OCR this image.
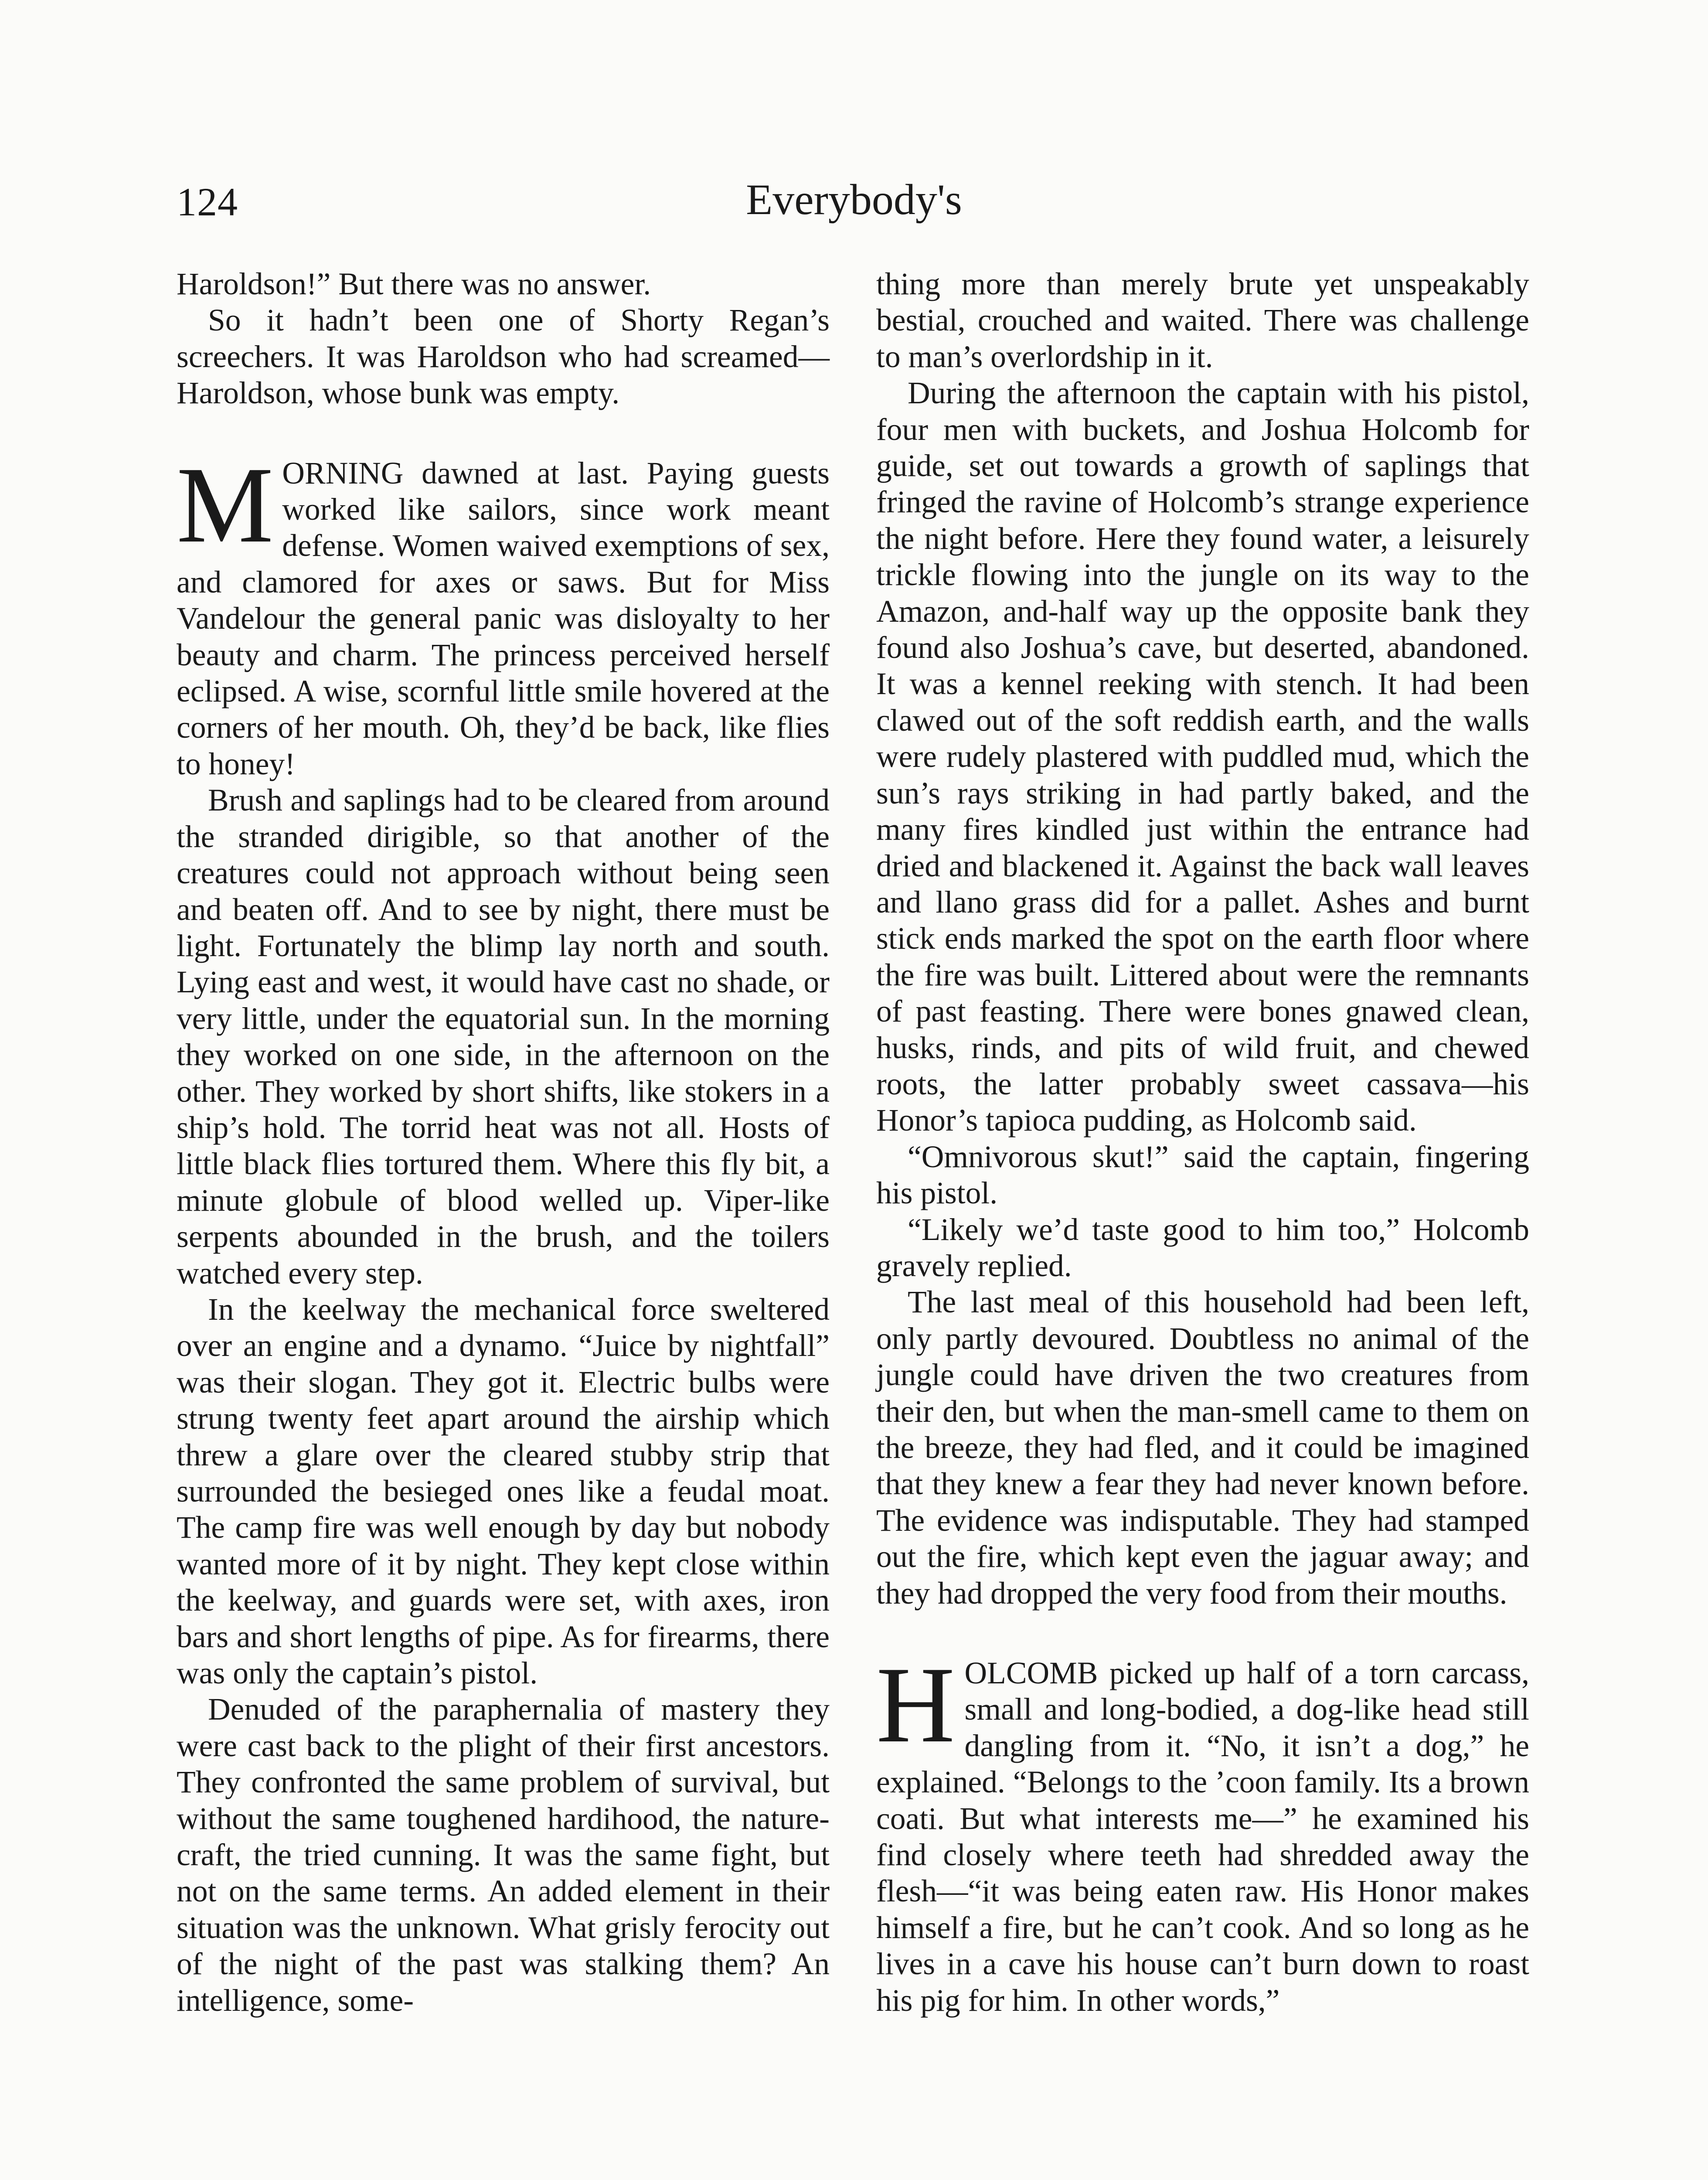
124	Everybody's

Haroldson!” But there was no answer.

So it hadn’t been one of Shorty Regan’s screechers. It was Haroldson who had screamed—Haroldson, whose bunk was empty.

MORNING dawned at last. Paying guests worked like sailors, since work meant defense. Women waived exemptions of sex, and clamored for axes or saws. But for Miss Vandelour the general panic was disloyalty to her beauty and charm. The princess perceived herself eclipsed. A wise, scornful little smile hovered at the corners of her mouth. Oh, they’d be back, like flies to honey!

Brush and saplings had to be cleared from around the stranded dirigible, so that another of the creatures could not approach without being seen and beaten off. And to see by night, there must be light. Fortunately the blimp lay north and south. Lying east and west, it would have cast no shade, or very little, under the equatorial sun. In the morning they worked on one side, in the afternoon on the other. They worked by short shifts, like stokers in a ship’s hold. The torrid heat was not all. Hosts of little black flies tortured them. Where this fly bit, a minute globule of blood welled up. Viper-like serpents abounded in the brush, and the toilers watched every step.

In the keelway the mechanical force sweltered over an engine and a dynamo. “Juice by nightfall” was their slogan. They got it. Electric bulbs were strung twenty feet apart around the airship which threw a glare over the cleared stubby strip that surrounded the besieged ones like a feudal moat. The camp fire was well enough by day but nobody wanted more of it by night. They kept close within the keelway, and guards were set, with axes, iron bars and short lengths of pipe. As for firearms, there was only the captain’s pistol.

Denuded of the paraphernalia of mastery they were cast back to the plight of their first ancestors. They confronted the same problem of survival, but without the same toughened hardihood, the nature-craft, the tried cunning. It was the same fight, but not on the same terms. An added element in their situation was the unknown. What grisly ferocity out of the night of the past was stalking them? An intelligence, some-

thing more than merely brute yet unspeakably bestial, crouched and waited. There was challenge to man’s overlordship in it.

During the afternoon the captain with his pistol, four men with buckets, and Joshua Holcomb for guide, set out towards a growth of saplings that fringed the ravine of Holcomb’s strange experience the night before. Here they found water, a leisurely trickle flowing into the jungle on its way to the Amazon, and-half way up the opposite bank they found also Joshua’s cave, but deserted, abandoned. It was a kennel reeking with stench. It had been clawed out of the soft reddish earth, and the walls were rudely plastered with puddled mud, which the sun’s rays striking in had partly baked, and the many fires kindled just within the entrance had dried and blackened it. Against the back wall leaves and llano grass did for a pallet. Ashes and burnt stick ends marked the spot on the earth floor where the fire was built. Littered about were the remnants of past feasting. There were bones gnawed clean, husks, rinds, and pits of wild fruit, and chewed roots, the latter probably sweet cassava—his Honor’s tapioca pudding, as Holcomb said.

“Omnivorous skut!” said the captain, fingering his pistol.

“Likely we’d taste good to him too,” Holcomb gravely replied.

The last meal of this household had been left, only partly devoured. Doubtless no animal of the jungle could have driven the two creatures from their den, but when the man-smell came to them on the breeze, they had fled, and it could be imagined that they knew a fear they had never known before. The evidence was indisputable. They had stamped out the fire, which kept even the jaguar away; and they had dropped the very food from their mouths.

HOLCOMB picked up half of a torn carcass, small and long-bodied, a dog-like head still dangling from it. “No, it isn’t a dog,” he explained. “Belongs to the ’coon family. Its a brown coati. But what interests me—” he examined his find closely where teeth had shredded away the flesh—“it was being eaten raw. His Honor makes himself a fire, but he can’t cook. And so long as he lives in a cave his house can’t burn down to roast his pig for him. In other words,”
